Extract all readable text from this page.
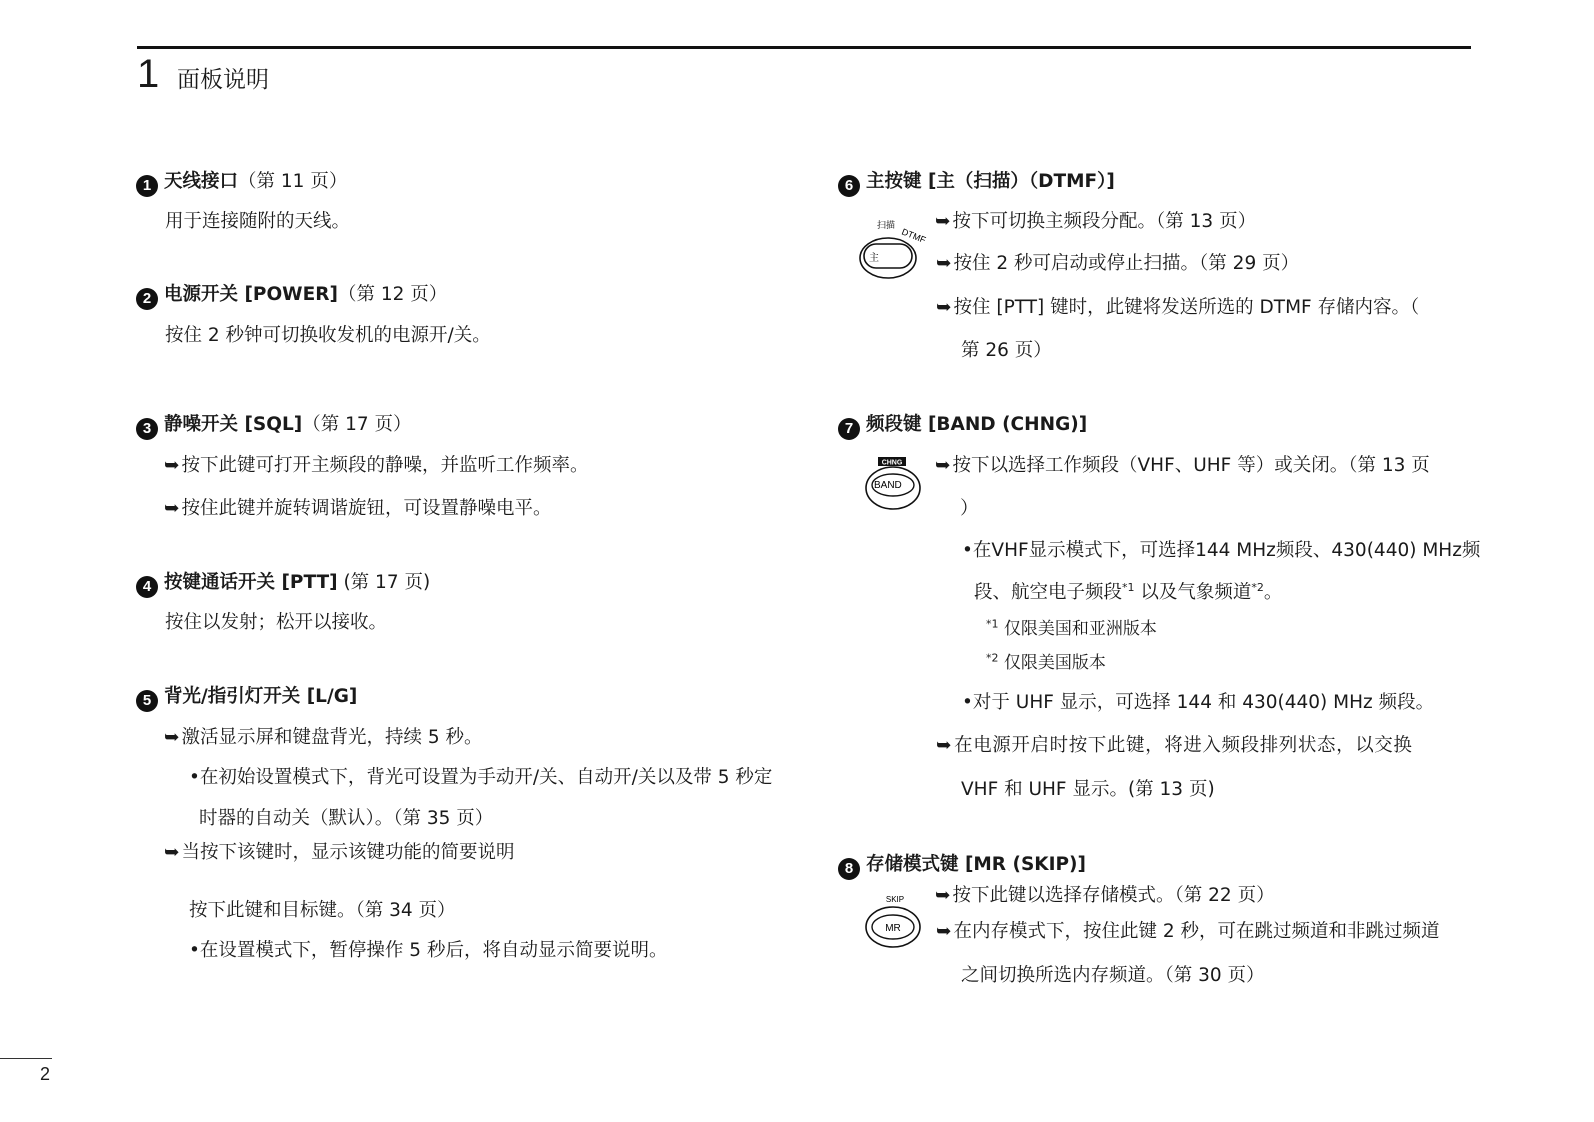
1 面板说明
1 天线接口（第 11 页）
用于连接随附的天线。
2 电源开关 [POWER]（第 12 页）
按住 2 秒钟可切换收发机的电源开/关。
3 静噪开关 [SQL]（第 17 页）
➥ 按下此键可打开主频段的静噪，并监听工作频率。
➥ 按住此键并旋转调谐旋钮，可设置静噪电平。
4 按键通话开关 [PTT] (第 17 页)
按住以发射；松开以接收。
5 背光/指引灯开关 [L/G]
➥ 激活显示屏和键盘背光，持续 5 秒。
•在初始设置模式下，背光可设置为手动开/关、自动开/关以及带 5 秒定
时器的自动关（默认）。（第 35 页）
➥ 当按下该键时，显示该键功能的简要说明
按下此键和目标键。（第 34 页）
•在设置模式下，暂停操作 5 秒后，将自动显示简要说明。
6 主按键 [主（扫描）（DTMF）]
扫描
DTMF
主
➥ 按下可切换主频段分配。（第 13 页）
➥ 按住 2 秒可启动或停止扫描。（第 29 页）
➥ 按住 [PTT] 键时，此键将发送所选的 DTMF 存储内容。（
第 26 页）
7 频段键 [BAND (CHNG)]
CHNG
BAND
➥ 按下以选择工作频段（VHF、UHF 等）或关闭。（第 13 页
）
•在VHF显示模式下，可选择144 MHz频段、430(440) MHz频
段、航空电子频段$^{*1}$ 以及气象频道$^{*2}$。
$^{*1}$ 仅限美国和亚洲版本
$^{*2}$ 仅限美国版本
•对于 UHF 显示，可选择 144 和 430(440) MHz 频段。
➥ 在电源开启时按下此键，将进入频段排列状态，以交换
VHF 和 UHF 显示。(第 13 页)
8 存储模式键 [MR (SKIP)]
SKIP
MR
➥ 按下此键以选择存储模式。（第 22 页）
➥ 在内存模式下，按住此键 2 秒，可在跳过频道和非跳过频道
之间切换所选内存频道。（第 30 页）
2
